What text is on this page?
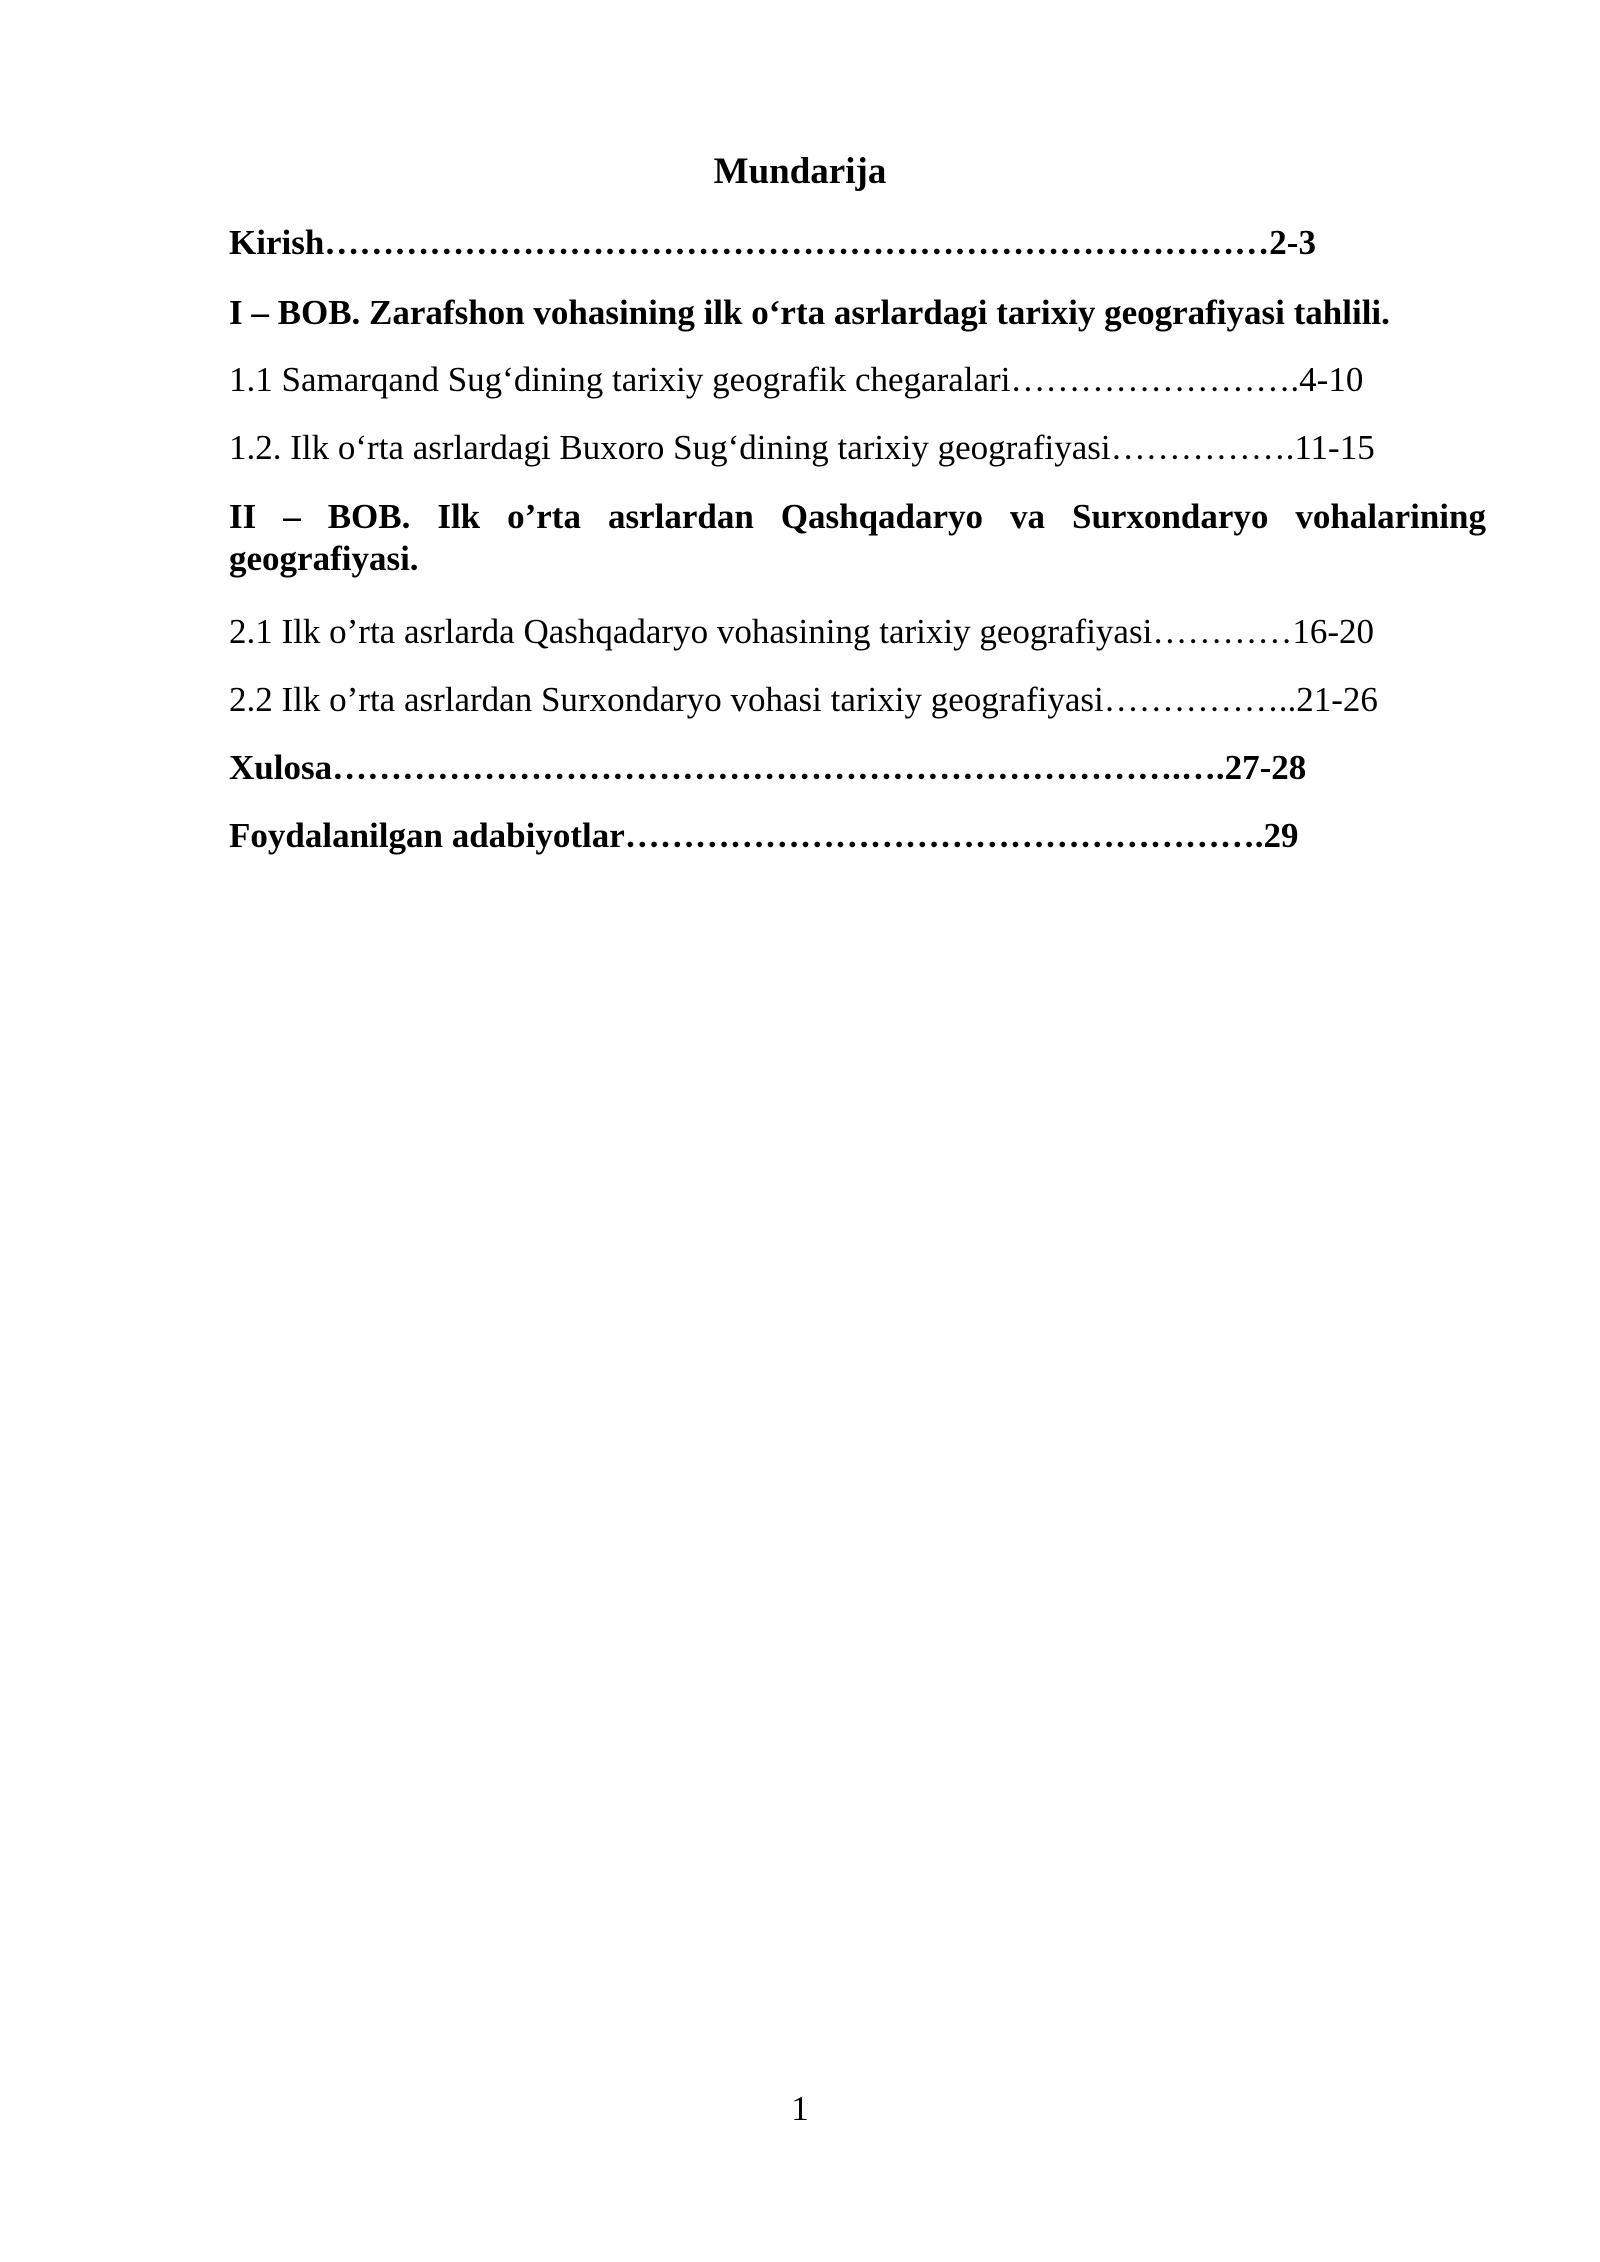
Mundarija
Kirish………………………………………………………………………2-3
I – BOB. Zarafshon vohasining ilk o‘rta asrlardagi tarixiy geografiyasi tahlili.
1.1 Samarqand Sug‘dining tarixiy geografik chegaralari…………………….4-10
1.2. Ilk o‘rta asrlardagi Buxoro Sug‘dining tarixiy geografiyasi…………….11-15
II – BOB. Ilk o’rta asrlardan Qashqadaryo va Surxondaryo vohalarining geografiyasi.
2.1 Ilk o’rta asrlarda Qashqadaryo vohasining tarixiy geografiyasi…………16-20
2.2 Ilk o’rta asrlardan Surxondaryo vohasi tarixiy geografiyasi……………..21-26
Xulosa……………………………………………………………….….27-28
Foydalanilgan adabiyotlar……………………………………………….29
1
